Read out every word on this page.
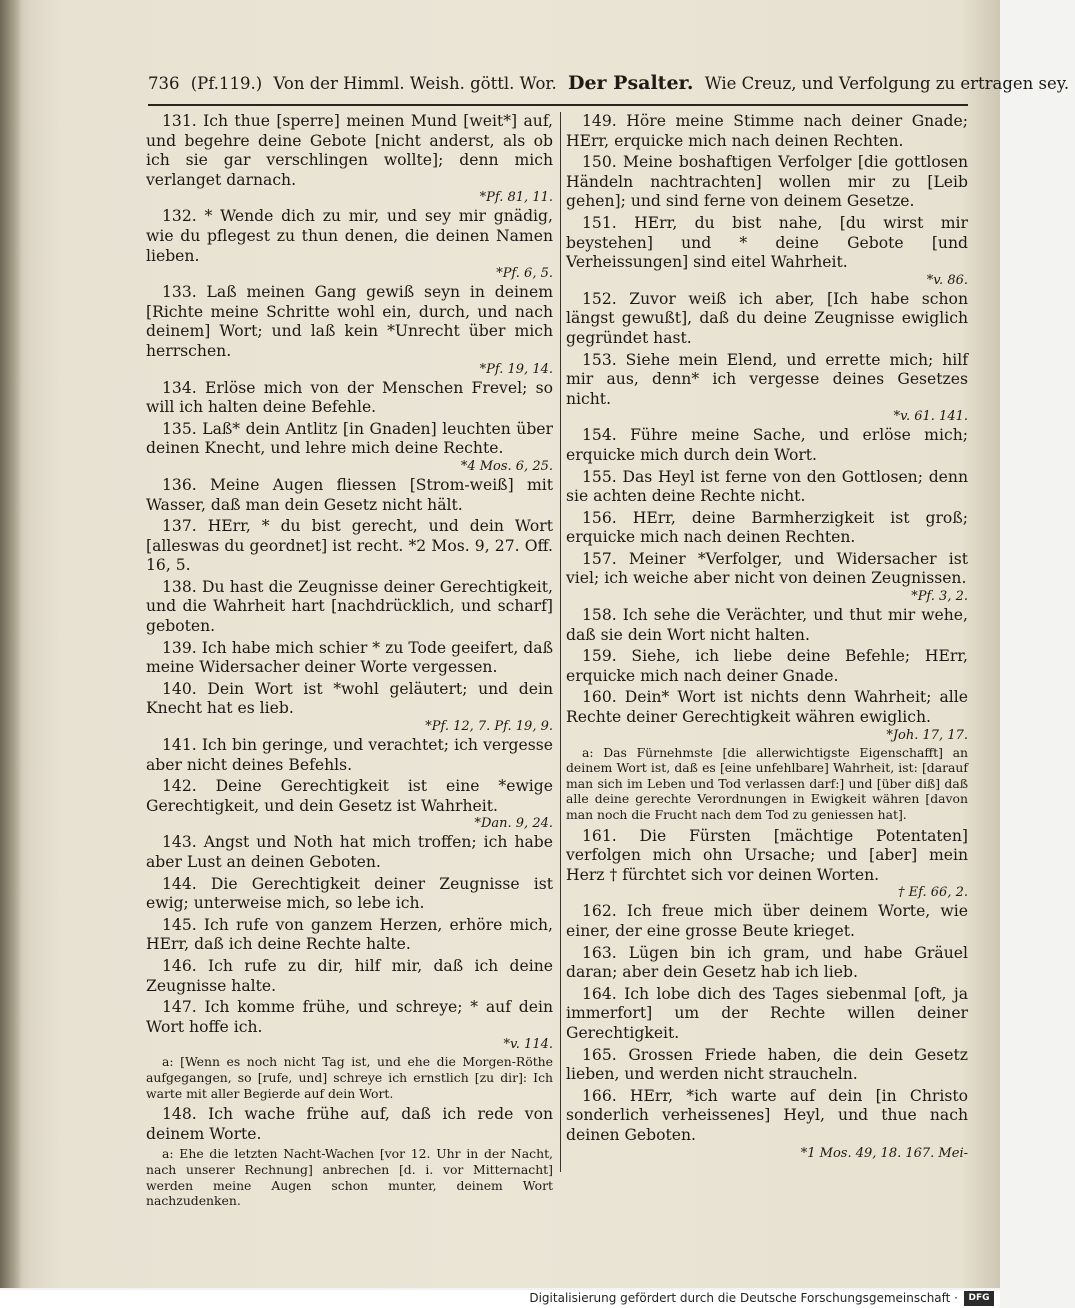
736 (Pf.119.) Von der Himml. Weish. göttl. Wor. Der Psalter. Wie Creuz, und Verfolgung zu ertragen sey.

131. Ich thue [sperre] meinen Mund [weit*] auf, und begehre deine Gebote [nicht anderst, als ob ich sie gar verschlingen wollte]; denn mich verlanget darnach.
*Pf. 81, 11.

132. * Wende dich zu mir, und sey mir gnädig, wie du pflegest zu thun denen, die deinen Namen lieben.
*Pf. 6, 5.

133. Laß meinen Gang gewiß seyn in deinem [Richte meine Schritte wohl ein, durch, und nach deinem] Wort; und laß kein *Unrecht über mich herrschen.
*Pf. 19, 14.

134. Erlöse mich von der Menschen Frevel; so will ich halten deine Befehle.

135. Laß* dein Antlitz [in Gnaden] leuchten über deinen Knecht, und lehre mich deine Rechte.
*4 Mos. 6, 25.

136. Meine Augen fliessen [Strom-weiß] mit Wasser, daß man dein Gesetz nicht hält.

137. HErr, * du bist gerecht, und dein Wort [alleswas du geordnet] ist recht. *2 Mos. 9, 27. Off. 16, 5.

138. Du hast die Zeugnisse deiner Gerechtigkeit, und die Wahrheit hart [nachdrücklich, und scharf] geboten.

139. Ich habe mich schier * zu Tode geeifert, daß meine Widersacher deiner Worte vergessen.

140. Dein Wort ist *wohl geläutert; und dein Knecht hat es lieb.
*Pf. 12, 7. Pf. 19, 9.

141. Ich bin geringe, und verachtet; ich vergesse aber nicht deines Befehls.

142. Deine Gerechtigkeit ist eine *ewige Gerechtigkeit, und dein Gesetz ist Wahrheit.
*Dan. 9, 24.

143. Angst und Noth hat mich troffen; ich habe aber Lust an deinen Geboten.

144. Die Gerechtigkeit deiner Zeugnisse ist ewig; unterweise mich, so lebe ich.

145. Ich rufe von ganzem Herzen, erhöre mich, HErr, daß ich deine Rechte halte.

146. Ich rufe zu dir, hilf mir, daß ich deine Zeugnisse halte.

147. Ich komme frühe, und schreye; * auf dein Wort hoffe ich.
*v. 114.

a: [Wenn es noch nicht Tag ist, und ehe die Morgen-Röthe aufgegangen, so [rufe, und] schreye ich ernstlich [zu dir]: Ich warte mit aller Begierde auf dein Wort.

148. Ich wache frühe auf, daß ich rede von deinem Worte.

a: Ehe die letzten Nacht-Wachen [vor 12. Uhr in der Nacht, nach unserer Rechnung] anbrechen [d. i. vor Mitternacht] werden meine Augen schon munter, deinem Wort nachzudenken.

149. Höre meine Stimme nach deiner Gnade; HErr, erquicke mich nach deinen Rechten.

150. Meine boshaftigen Verfolger [die gottlosen Händeln nachtrachten] wollen mir zu [Leib gehen]; und sind ferne von deinem Gesetze.

151. HErr, du bist nahe, [du wirst mir beystehen] und * deine Gebote [und Verheissungen] sind eitel Wahrheit.
*v. 86.

152. Zuvor weiß ich aber, [Ich habe schon längst gewußt], daß du deine Zeugnisse ewiglich gegründet hast.

153. Siehe mein Elend, und errette mich; hilf mir aus, denn* ich vergesse deines Gesetzes nicht.
*v. 61. 141.

154. Führe meine Sache, und erlöse mich; erquicke mich durch dein Wort.

155. Das Heyl ist ferne von den Gottlosen; denn sie achten deine Rechte nicht.

156. HErr, deine Barmherzigkeit ist groß; erquicke mich nach deinen Rechten.

157. Meiner *Verfolger, und Widersacher ist viel; ich weiche aber nicht von deinen Zeugnissen.
*Pf. 3, 2.

158. Ich sehe die Verächter, und thut mir wehe, daß sie dein Wort nicht halten.

159. Siehe, ich liebe deine Befehle; HErr, erquicke mich nach deiner Gnade.

160. Dein* Wort ist nichts denn Wahrheit; alle Rechte deiner Gerechtigkeit währen ewiglich.
*Joh. 17, 17.

a: Das Fürnehmste [die allerwichtigste Eigenschafft] an deinem Wort ist, daß es [eine unfehlbare] Wahrheit, ist: [darauf man sich im Leben und Tod verlassen darf:] und [über diß] daß alle deine gerechte Verordnungen in Ewigkeit währen [davon man noch die Frucht nach dem Tod zu geniessen hat].

161. Die Fürsten [mächtige Potentaten] verfolgen mich ohn Ursache; und [aber] mein Herz † fürchtet sich vor deinen Worten.
† Ef. 66, 2.

162. Ich freue mich über deinem Worte, wie einer, der eine grosse Beute krieget.

163. Lügen bin ich gram, und habe Gräuel daran; aber dein Gesetz hab ich lieb.

164. Ich lobe dich des Tages siebenmal [oft, ja immerfort] um der Rechte willen deiner Gerechtigkeit.

165. Grossen Friede haben, die dein Gesetz lieben, und werden nicht straucheln.

166. HErr, *ich warte auf dein [in Christo sonderlich verheissenes] Heyl, und thue nach deinen Geboten.
*1 Mos. 49, 18. 167. Mei-

Digitalisierung gefördert durch die Deutsche Forschungsgemeinschaft ·	DFG
